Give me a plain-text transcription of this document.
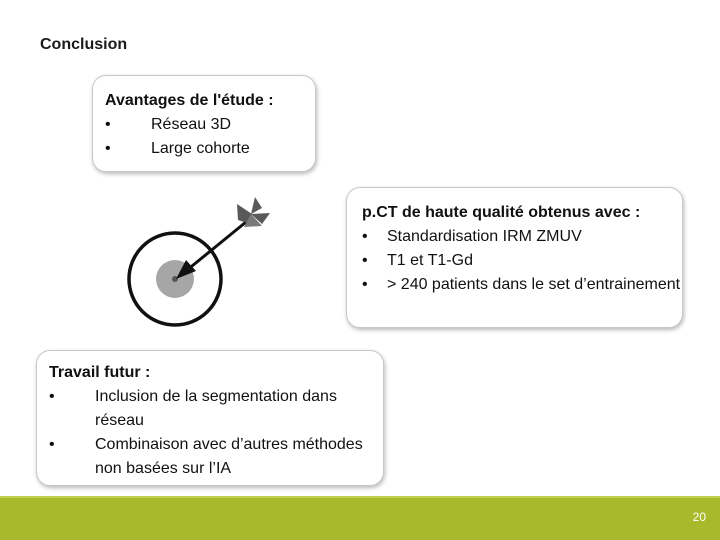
Conclusion
Avantages de l'étude :
•	Réseau 3D
•	Large cohorte
p.CT de haute qualité obtenus avec :
• Standardisation IRM ZMUV
• T1 et T1-Gd
• > 240 patients dans le set d’entrainement
Travail futur :
•	Inclusion de la segmentation dans réseau
•	Combinaison avec d’autres méthodes non basées sur l’IA
20
